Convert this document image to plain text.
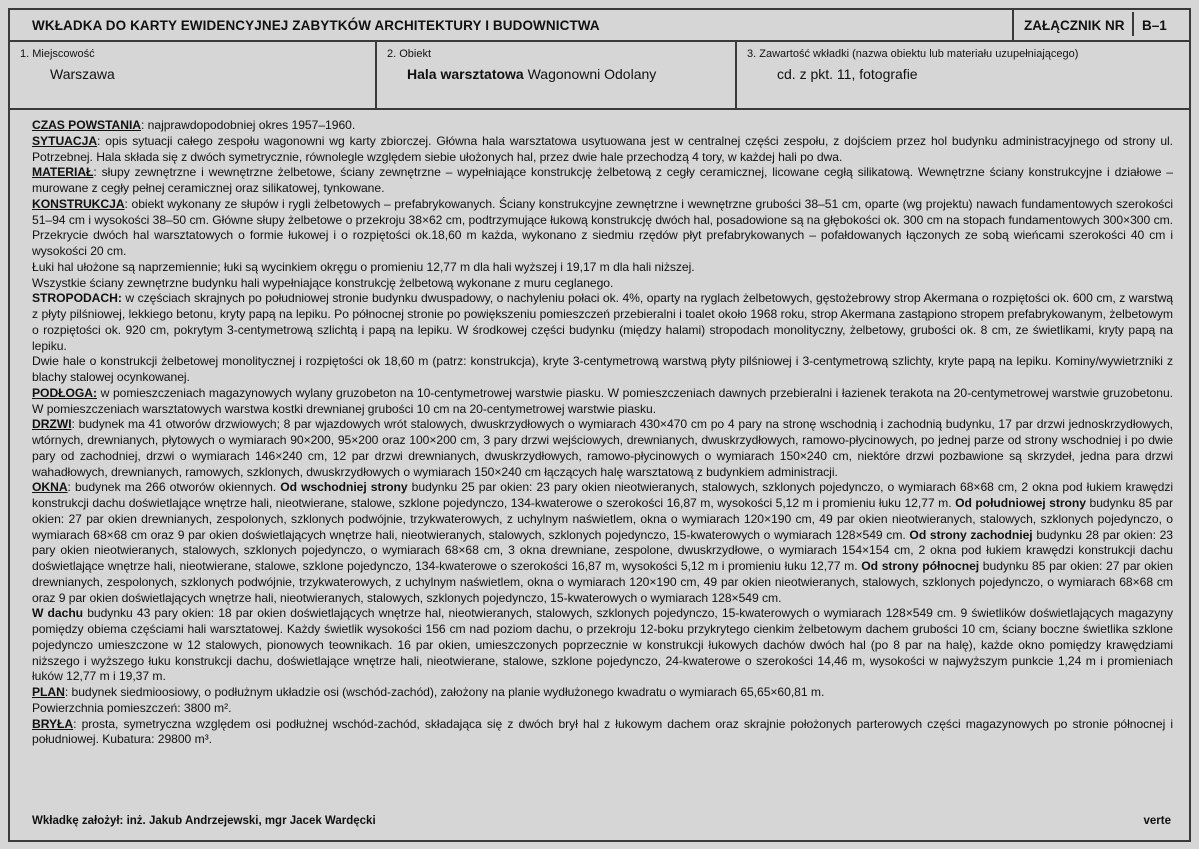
WKŁADKA DO KARTY EWIDENCYJNEJ ZABYTKÓW ARCHITEKTURY I BUDOWNICTWA	ZAŁĄCZNIK NR B–1
1. Miejscowość
Warszawa
2. Obiekt
Hala warsztatowa Wagonowni Odolany
3. Zawartość wkładki (nazwa obiektu lub materiału uzupełniającego)
cd. z pkt. 11, fotografie

CZAS POWSTANIA: najprawdopodobniej okres 1957–1960.

SYTUACJA: opis sytuacji całego zespołu wagonowni wg karty zbiorczej. Główna hala warsztatowa usytuowana jest w centralnej części zespołu, z dojściem przez hol budynku administracyjnego od strony ul. Potrzebnej. Hala składa się z dwóch symetrycznie, równolegle względem siebie ułożonych hal, przez dwie hale przechodzą 4 tory, w każdej hali po dwa.

MATERIAŁ: słupy zewnętrzne i wewnętrzne żelbetowe, ściany zewnętrzne – wypełniające konstrukcję żelbetową z cegły ceramicznej, licowane cegłą silikatową. Wewnętrzne ściany konstrukcyjne i działowe – murowane z cegły pełnej ceramicznej oraz silikatowej, tynkowane.

KONSTRUKCJA: obiekt wykonany ze słupów i rygli żelbetowych – prefabrykowanych. Ściany konstrukcyjne zewnętrzne i wewnętrzne grubości 38–51 cm, oparte (wg projektu) nawach fundamentowych szerokości 51–94 cm i wysokości 38–50 cm. Główne słupy żelbetowe o przekroju 38×62 cm, podtrzymujące łukową konstrukcję dwóch hal, posadowione są na głębokości ok. 300 cm na stopach fundamentowych 300×300 cm. Przekrycie dwóch hal warsztatowych o formie łukowej i o rozpiętości ok.18,60 m każda, wykonano z siedmiu rzędów płyt prefabrykowanych – pofałdowanych łączonych ze sobą wieńcami szerokości 40 cm i wysokości 20 cm.

Łuki hal ułożone są naprzemiennie; łuki są wycinkiem okręgu o promieniu 12,77 m dla hali wyższej i 19,17 m dla hali niższej.

Wszystkie ściany zewnętrzne budynku hali wypełniające konstrukcję żelbetową wykonane z muru ceglanego.

STROPODACH: w częściach skrajnych po południowej stronie budynku dwuspadowy, o nachyleniu połaci ok. 4%, oparty na ryglach żelbetowych, gęstożebrowy strop Akermana o rozpiętości ok. 600 cm, z warstwą z płyty pilśniowej, lekkiego betonu, kryty papą na lepiku. Po północnej stronie po powiększeniu pomieszczeń przebieralni i toalet około 1968 roku, strop Akermana zastąpiono stropem prefabrykowanym, żelbetowym o rozpiętości ok. 920 cm, pokrytym 3-centymetrową szlichtą i papą na lepiku. W środkowej części budynku (między halami) stropodach monolityczny, żelbetowy, grubości ok. 8 cm, ze świetlikami, kryty papą na lepiku.

Dwie hale o konstrukcji żelbetowej monolitycznej i rozpiętości ok 18,60 m (patrz: konstrukcja), kryte 3-centymetrową warstwą płyty pilśniowej i 3-centymetrową szlichty, kryte papą na lepiku. Kominy/wywietrzniki z blachy stalowej ocynkowanej.

PODŁOGA: w pomieszczeniach magazynowych wylany gruzobeton na 10-centymetrowej warstwie piasku. W pomieszczeniach dawnych przebieralni i łazienek terakota na 20-centymetrowej warstwie gruzobetonu. W pomieszczeniach warsztatowych warstwa kostki drewnianej grubości 10 cm na 20-centymetrowej warstwie piasku.

DRZWI: budynek ma 41 otworów drzwiowych; 8 par wjazdowych wrót stalowych, dwuskrzydłowych o wymiarach 430×470 cm po 4 pary na stronę wschodnią i zachodnią budynku, 17 par drzwi jednoskrzydłowych, wtórnych, drewnianych, płytowych o wymiarach 90×200, 95×200 oraz 100×200 cm, 3 pary drzwi wejściowych, drewnianych, dwuskrzydłowych, ramowo-płycinowych, po jednej parze od strony wschodniej i po dwie pary od zachodniej, drzwi o wymiarach 146×240 cm, 12 par drzwi drewnianych, dwuskrzydłowych, ramowo-płycinowych o wymiarach 150×240 cm, niektóre drzwi pozbawione są skrzydeł, jedna para drzwi wahadłowych, drewnianych, ramowych, szklonych, dwuskrzydłowych o wymiarach 150×240 cm łączących halę warsztatową z budynkiem administracji.

OKNA: budynek ma 266 otworów okiennych. Od wschodniej strony budynku 25 par okien: 23 pary okien nieotwieranych, stalowych, szklonych pojedynczo, o wymiarach 68×68 cm, 2 okna pod łukiem krawędzi konstrukcji dachu doświetlające wnętrze hali, nieotwierane, stalowe, szklone pojedynczo, 134-kwaterowe o szerokości 16,87 m, wysokości 5,12 m i promieniu łuku 12,77 m. Od południowej strony budynku 85 par okien: 27 par okien drewnianych, zespolonych, szklonych podwójnie, trzykwaterowych, z uchylnym naświetlem, okna o wymiarach 120×190 cm, 49 par okien nieotwieranych, stalowych, szklonych pojedynczo, o wymiarach 68×68 cm oraz 9 par okien doświetlających wnętrze hali, nieotwieranych, stalowych, szklonych pojedynczo, 15-kwaterowych o wymiarach 128×549 cm. Od strony zachodniej budynku 28 par okien: 23 pary okien nieotwieranych, stalowych, szklonych pojedynczo, o wymiarach 68×68 cm, 3 okna drewniane, zespolone, dwuskrzydłowe, o wymiarach 154×154 cm, 2 okna pod łukiem krawędzi konstrukcji dachu doświetlające wnętrze hali, nieotwierane, stalowe, szklone pojedynczo, 134-kwaterowe o szerokości 16,87 m, wysokości 5,12 m i promieniu łuku 12,77 m. Od strony północnej budynku 85 par okien: 27 par okien drewnianych, zespolonych, szklonych podwójnie, trzykwaterowych, z uchylnym naświetlem, okna o wymiarach 120×190 cm, 49 par okien nieotwieranych, stalowych, szklonych pojedynczo, o wymiarach 68×68 cm oraz 9 par okien doświetlających wnętrze hali, nieotwieranych, stalowych, szklonych pojedynczo, 15-kwaterowych o wymiarach 128×549 cm.

W dachu budynku 43 pary okien: 18 par okien doświetlających wnętrze hal, nieotwieranych, stalowych, szklonych pojedynczo, 15-kwaterowych o wymiarach 128×549 cm. 9 świetlików doświetlających magazyny pomiędzy obiema częściami hali warsztatowej. Każdy świetlik wysokości 156 cm nad poziom dachu, o przekroju 12-boku przykrytego cienkim żelbetowym dachem grubości 10 cm, ściany boczne świetlika szklone pojedynczo umieszczone w 12 stalowych, pionowych teownikach. 16 par okien, umieszczonych poprzecznie w konstrukcji łukowych dachów dwóch hal (po 8 par na halę), każde okno pomiędzy krawędziami niższego i wyższego łuku konstrukcji dachu, doświetlające wnętrze hali, nieotwierane, stalowe, szklone pojedynczo, 24-kwaterowe o szerokości 14,46 m, wysokości w najwyższym punkcie 1,24 m i promieniach łuków 12,77 m i 19,37 m.

PLAN: budynek siedmioosiowy, o podłużnym układzie osi (wschód-zachód), założony na planie wydłużonego kwadratu o wymiarach 65,65×60,81 m.

Powierzchnia pomieszczeń: 3800 m².

BRYŁA: prosta, symetryczna względem osi podłużnej wschód-zachód, składająca się z dwóch brył hal z łukowym dachem oraz skrajnie położonych parterowych części magazynowych po stronie północnej i południowej. Kubatura: 29800 m³.

Wkładkę założył: inż. Jakub Andrzejewski, mgr Jacek Wardęcki	verte
